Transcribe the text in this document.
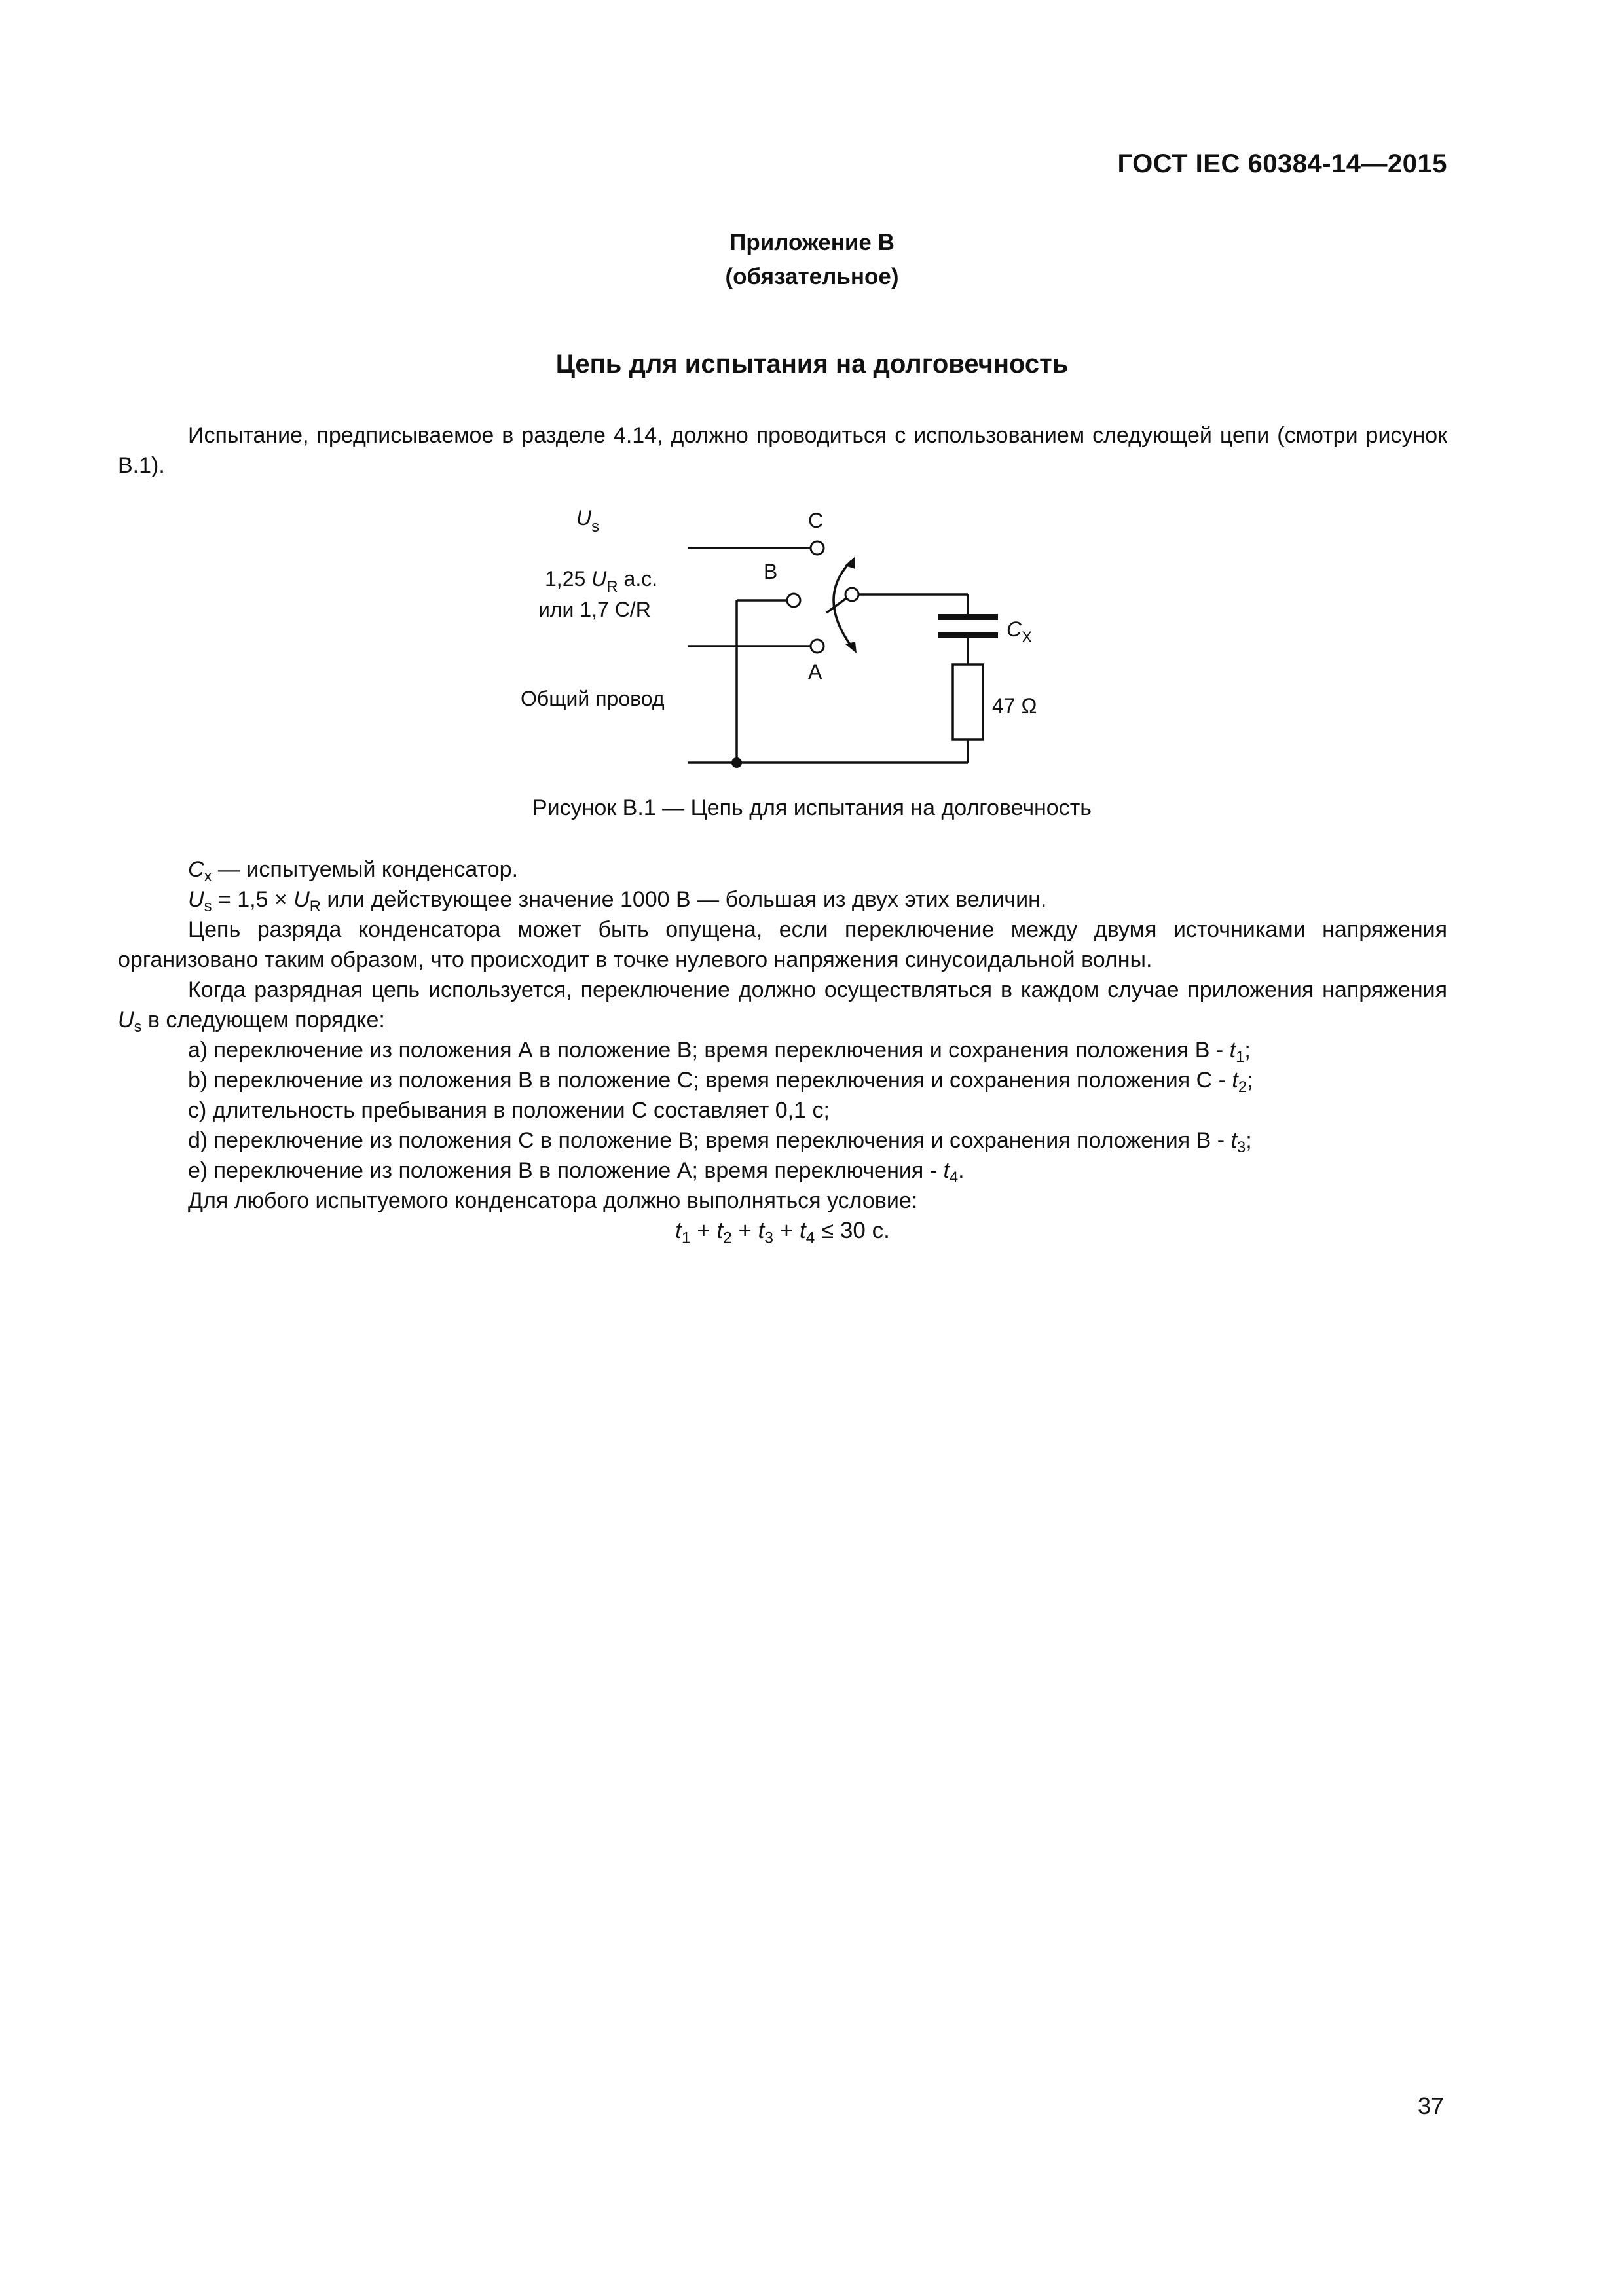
ГОСТ IEC 60384-14—2015
Приложение В
(обязательное)
Цепь для испытания на долговечность

Испытание, предписываемое в разделе 4.14, должно проводиться с использованием следующей цепи (смотри рисунок В.1).

$U_s$
1,25 $U_R$ a.c.
или 1,7 C/R
Общий провод
C
B
A
$C_X$
47 Ω
Рисунок В.1 — Цепь для испытания на долговечность

$C_x$ — испытуемый конденсатор.

$U_s = 1,5 \times U_R$ или действующее значение 1000 В — большая из двух этих величин.

Цепь разряда конденсатора может быть опущена, если переключение между двумя источниками напряжения организовано таким образом, что происходит в точке нулевого напряжения синусоидальной волны.

Когда разрядная цепь используется, переключение должно осуществляться в каждом случае приложения напряжения $U_s$ в следующем порядке:

a) переключение из положения А в положение В; время переключения и сохранения положения В - $t_1$;

b) переключение из положения В в положение С; время переключения и сохранения положения С - $t_2$;

c) длительность пребывания в положении С составляет 0,1 с;

d) переключение из положения С в положение В; время переключения и сохранения положения В - $t_3$;

e) переключение из положения В в положение А; время переключения - $t_4$.

Для любого испытуемого конденсатора должно выполняться условие:

$t_1 + t_2 + t_3 + t_4 \le 30$ с.

37
